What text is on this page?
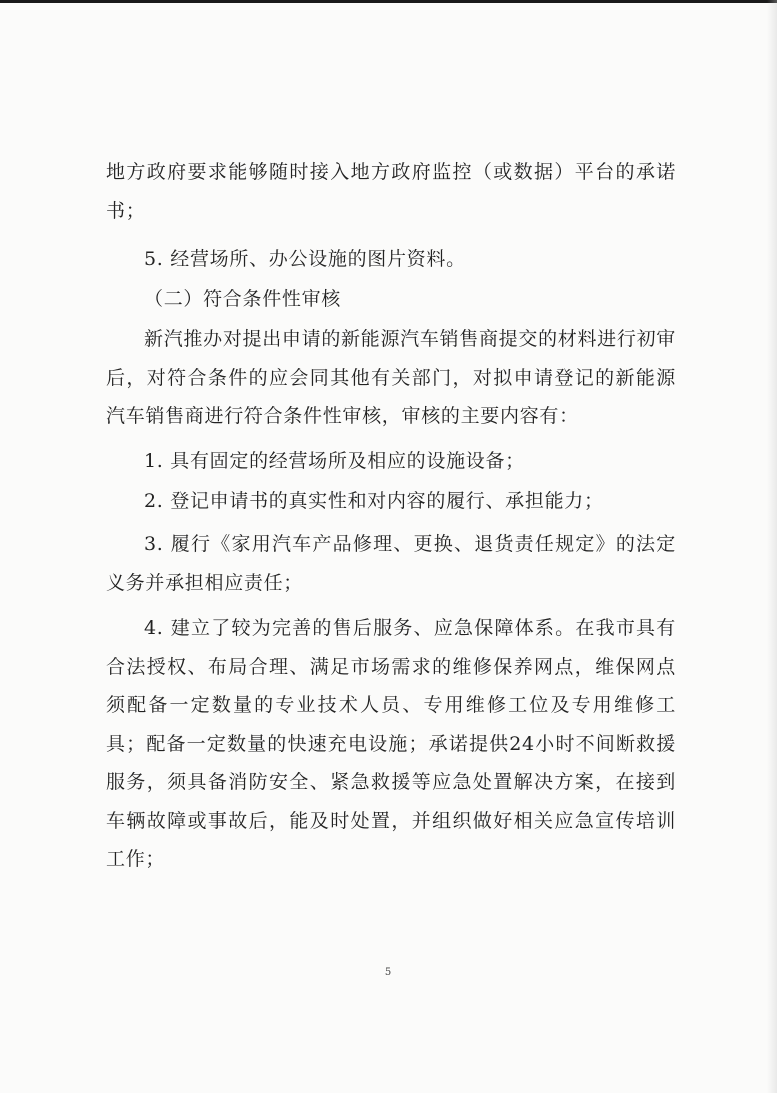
地方政府要求能够随时接入地方政府监控（或数据）平台的承诺书；

5. 经营场所、办公设施的图片资料。

（二）符合条件性审核

新汽推办对提出申请的新能源汽车销售商提交的材料进行初审后，对符合条件的应会同其他有关部门，对拟申请登记的新能源汽车销售商进行符合条件性审核，审核的主要内容有：

1. 具有固定的经营场所及相应的设施设备；

2. 登记申请书的真实性和对内容的履行、承担能力；

3. 履行《家用汽车产品修理、更换、退货责任规定》的法定义务并承担相应责任；

4. 建立了较为完善的售后服务、应急保障体系。在我市具有合法授权、布局合理、满足市场需求的维修保养网点，维保网点须配备一定数量的专业技术人员、专用维修工位及专用维修工具；配备一定数量的快速充电设施；承诺提供24小时不间断救援服务，须具备消防安全、紧急救援等应急处置解决方案，在接到车辆故障或事故后，能及时处置，并组织做好相关应急宣传培训工作；

5
